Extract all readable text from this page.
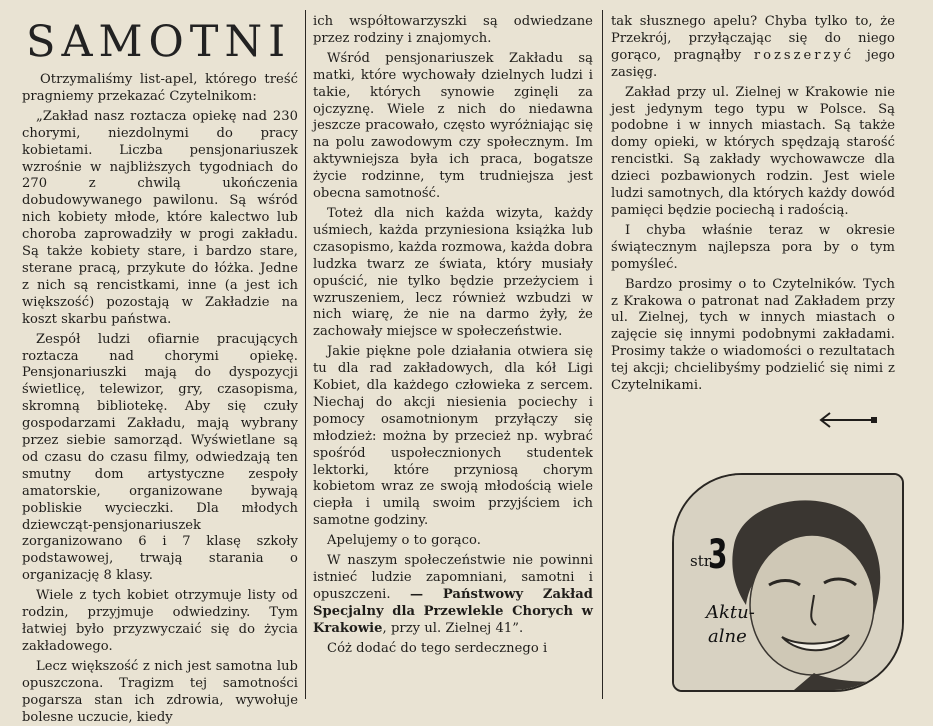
SAMOTNI

Otrzymaliśmy list-apel, którego treść pragniemy przekazać Czytelnikom:

„Zakład nasz roztacza opiekę nad 230 chorymi, niezdolnymi do pracy kobietami. Liczba pensjonariuszek wzrośnie w najbliższych tygodniach do 270 z chwilą ukończenia dobudowywanego pawilonu. Są wśród nich kobiety młode, które kalectwo lub choroba zaprowadziły w progi zakładu. Są także kobiety stare, i bardzo stare, sterane pracą, przykute do łóżka. Jedne z nich są rencistkami, inne (a jest ich większość) pozostają w Zakładzie na koszt skarbu państwa.

Zespół ludzi ofiarnie pracujących roztacza nad chorymi opiekę. Pensjonariuszki mają do dyspozycji świetlicę, telewizor, gry, czasopisma, skromną bibliotekę. Aby się czuły gospodarzami Zakładu, mają wybrany przez siebie samorząd. Wyświetlane są od czasu do czasu filmy, odwiedzają ten smutny dom artystyczne zespoły amatorskie, organizowane bywają pobliskie wycieczki. Dla młodych dziewcząt-pensjonariuszek zorganizowano 6 i 7 klasę szkoły podstawowej, trwają starania o organizację 8 klasy.

Wiele z tych kobiet otrzymuje listy od rodzin, przyjmuje odwiedziny. Tym łatwiej było przyzwyczaić się do życia zakładowego.

Lecz większość z nich jest samotna lub opuszczona. Tragizm tej samotności pogarsza stan ich zdrowia, wywołuje bolesne uczucie, kiedy

ich współtowarzyszki są odwiedzane przez rodziny i znajomych.

Wśród pensjonariuszek Zakładu są matki, które wychowały dzielnych ludzi i takie, których synowie zginęli za ojczyznę. Wiele z nich do niedawna jeszcze pracowało, często wyróżniając się na polu zawodowym czy społecznym. Im aktywniejsza była ich praca, bogatsze życie rodzinne, tym trudniejsza jest obecna samotność.

Toteż dla nich każda wizyta, każdy uśmiech, każda przyniesiona książka lub czasopismo, każda rozmowa, każda dobra ludzka twarz ze świata, który musiały opuścić, nie tylko będzie przeżyciem i wzruszeniem, lecz również wzbudzi w nich wiarę, że nie na darmo żyły, że zachowały miejsce w społeczeństwie.

Jakie piękne pole działania otwiera się tu dla rad zakładowych, dla kół Ligi Kobiet, dla każdego człowieka z sercem. Niechaj do akcji niesienia pociechy i pomocy osamotnionym przyłączy się młodzież: można by przecież np. wybrać spośród uspołecznionych studentek lektorki, które przyniosą chorym kobietom wraz ze swoją młodością wiele ciepła i umilą swoim przyjściem ich samotne godziny.

Apelujemy o to gorąco.

W naszym społeczeństwie nie powinni istnieć ludzie zapomniani, samotni i opuszczeni. — Państwowy Zakład Specjalny dla Przewlekle Chorych w Krakowie, przy ul. Zielnej 41”.

Cóż dodać do tego serdecznego i

tak słusznego apelu? Chyba tylko to, że Przekrój, przyłączając się do niego gorąco, pragnąłby rozszerzyć jego zasięg.

Zakład przy ul. Zielnej w Krakowie nie jest jedynym tego typu w Polsce. Są podobne i w innych miastach. Są także domy opieki, w których spędzają starość rencistki. Są zakłady wychowawcze dla dzieci pozbawionych rodzin. Jest wiele ludzi samotnych, dla których każdy dowód pamięci będzie pociechą i radością.

I chyba właśnie teraz w okresie świątecznym najlepsza pora by o tym pomyśleć.

Bardzo prosimy o to Czytelników. Tych z Krakowa o patronat nad Zakładem przy ul. Zielnej, tych w innych miastach o zajęcie się innymi podobnymi zakładami. Prosimy także o wiadomości o rezultatach tej akcji; chcielibyśmy podzielić się nimi z Czytelnikami.

3
str.
Aktu-
alne
